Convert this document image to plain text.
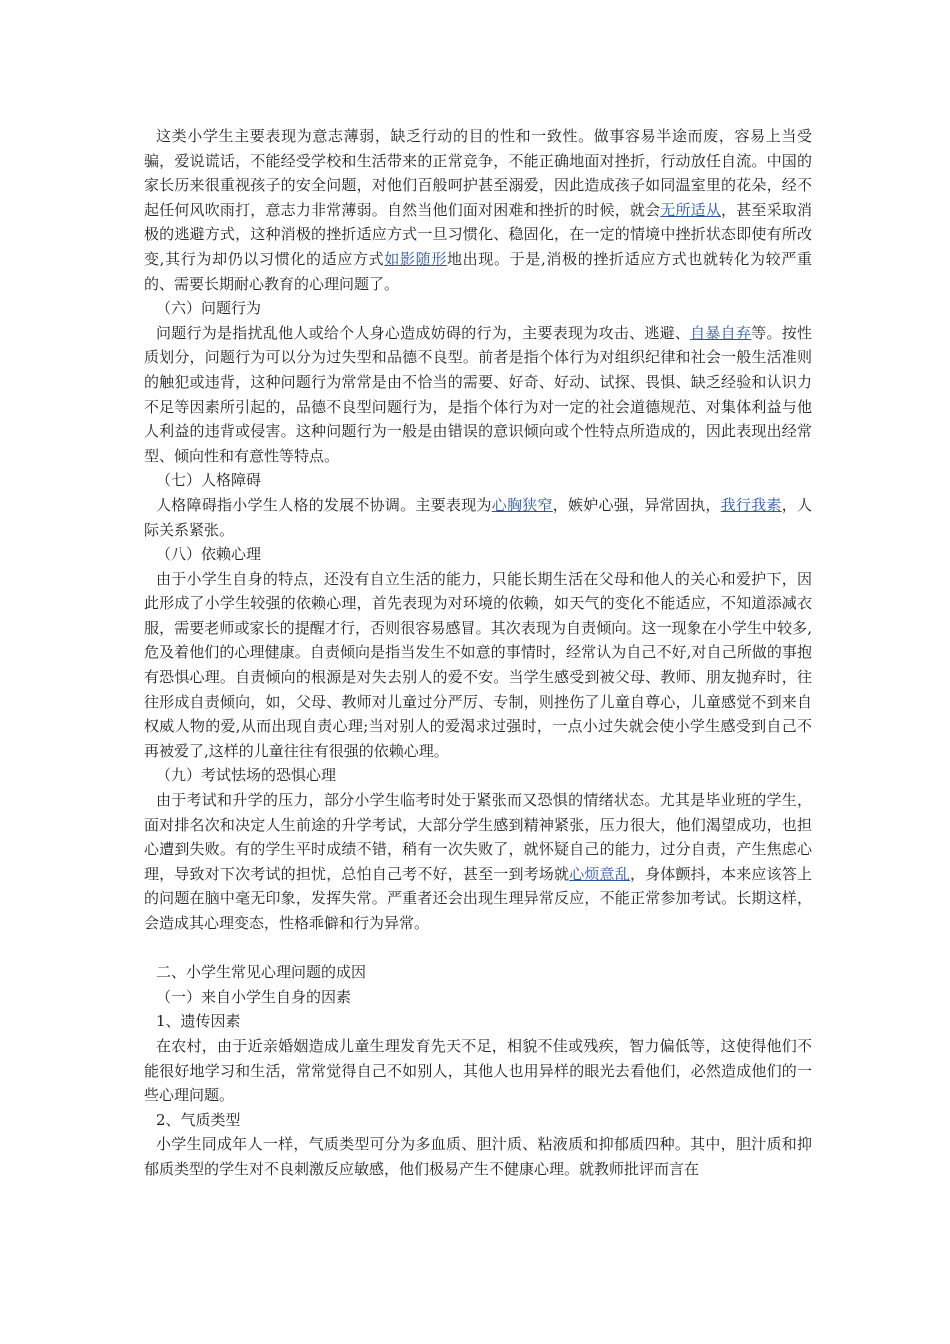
这类小学生主要表现为意志薄弱，缺乏行动的目的性和一致性。做事容易半途而废，容易上当受骗，爱说谎话，不能经受学校和生活带来的正常竞争，不能正确地面对挫折，行动放任自流。中国的家长历来很重视孩子的安全问题，对他们百般呵护甚至溺爱，因此造成孩子如同温室里的花朵，经不起任何风吹雨打，意志力非常薄弱。自然当他们面对困难和挫折的时候，就会无所适从，甚至采取消极的逃避方式，这种消极的挫折适应方式一旦习惯化、稳固化，在一定的情境中挫折状态即使有所改变,其行为却仍以习惯化的适应方式如影随形地出现。于是,消极的挫折适应方式也就转化为较严重的、需要长期耐心教育的心理问题了。

（六）问题行为

问题行为是指扰乱他人或给个人身心造成妨碍的行为，主要表现为攻击、逃避、自暴自弃等。按性质划分，问题行为可以分为过失型和品德不良型。前者是指个体行为对组织纪律和社会一般生活准则的触犯或违背，这种问题行为常常是由不恰当的需要、好奇、好动、试探、畏惧、缺乏经验和认识力不足等因素所引起的，品德不良型问题行为，是指个体行为对一定的社会道德规范、对集体利益与他人利益的违背或侵害。这种问题行为一般是由错误的意识倾向或个性特点所造成的，因此表现出经常型、倾向性和有意性等特点。

（七）人格障碍

人格障碍指小学生人格的发展不协调。主要表现为心胸狭窄，嫉妒心强，异常固执，我行我素，人际关系紧张。

（八）依赖心理

由于小学生自身的特点，还没有自立生活的能力，只能长期生活在父母和他人的关心和爱护下，因此形成了小学生较强的依赖心理，首先表现为对环境的依赖，如天气的变化不能适应，不知道添减衣服，需要老师或家长的提醒才行，否则很容易感冒。其次表现为自责倾向。这一现象在小学生中较多,危及着他们的心理健康。自责倾向是指当发生不如意的事情时，经常认为自己不好,对自己所做的事抱有恐惧心理。自责倾向的根源是对失去别人的爱不安。当学生感受到被父母、教师、朋友抛弃时，往往形成自责倾向，如，父母、教师对儿童过分严厉、专制，则挫伤了儿童自尊心，儿童感觉不到来自权威人物的爱,从而出现自责心理;当对别人的爱渴求过强时，一点小过失就会使小学生感受到自己不再被爱了,这样的儿童往往有很强的依赖心理。

（九）考试怯场的恐惧心理

由于考试和升学的压力，部分小学生临考时处于紧张而又恐惧的情绪状态。尤其是毕业班的学生，面对排名次和决定人生前途的升学考试，大部分学生感到精神紧张，压力很大，他们渴望成功，也担心遭到失败。有的学生平时成绩不错，稍有一次失败了，就怀疑自己的能力，过分自责，产生焦虑心理，导致对下次考试的担忧，总怕自己考不好，甚至一到考场就心烦意乱，身体颤抖，本来应该答上的问题在脑中毫无印象，发挥失常。严重者还会出现生理异常反应，不能正常参加考试。长期这样，会造成其心理变态，性格乖僻和行为异常。

二、小学生常见心理问题的成因

（一）来自小学生自身的因素

1、遗传因素

在农村，由于近亲婚姻造成儿童生理发育先天不足，相貌不佳或残疾，智力偏低等，这使得他们不能很好地学习和生活，常常觉得自己不如别人，其他人也用异样的眼光去看他们，必然造成他们的一些心理问题。

2、气质类型

小学生同成年人一样，气质类型可分为多血质、胆汁质、粘液质和抑郁质四种。其中，胆汁质和抑郁质类型的学生对不良刺激反应敏感，他们极易产生不健康心理。就教师批评而言在
